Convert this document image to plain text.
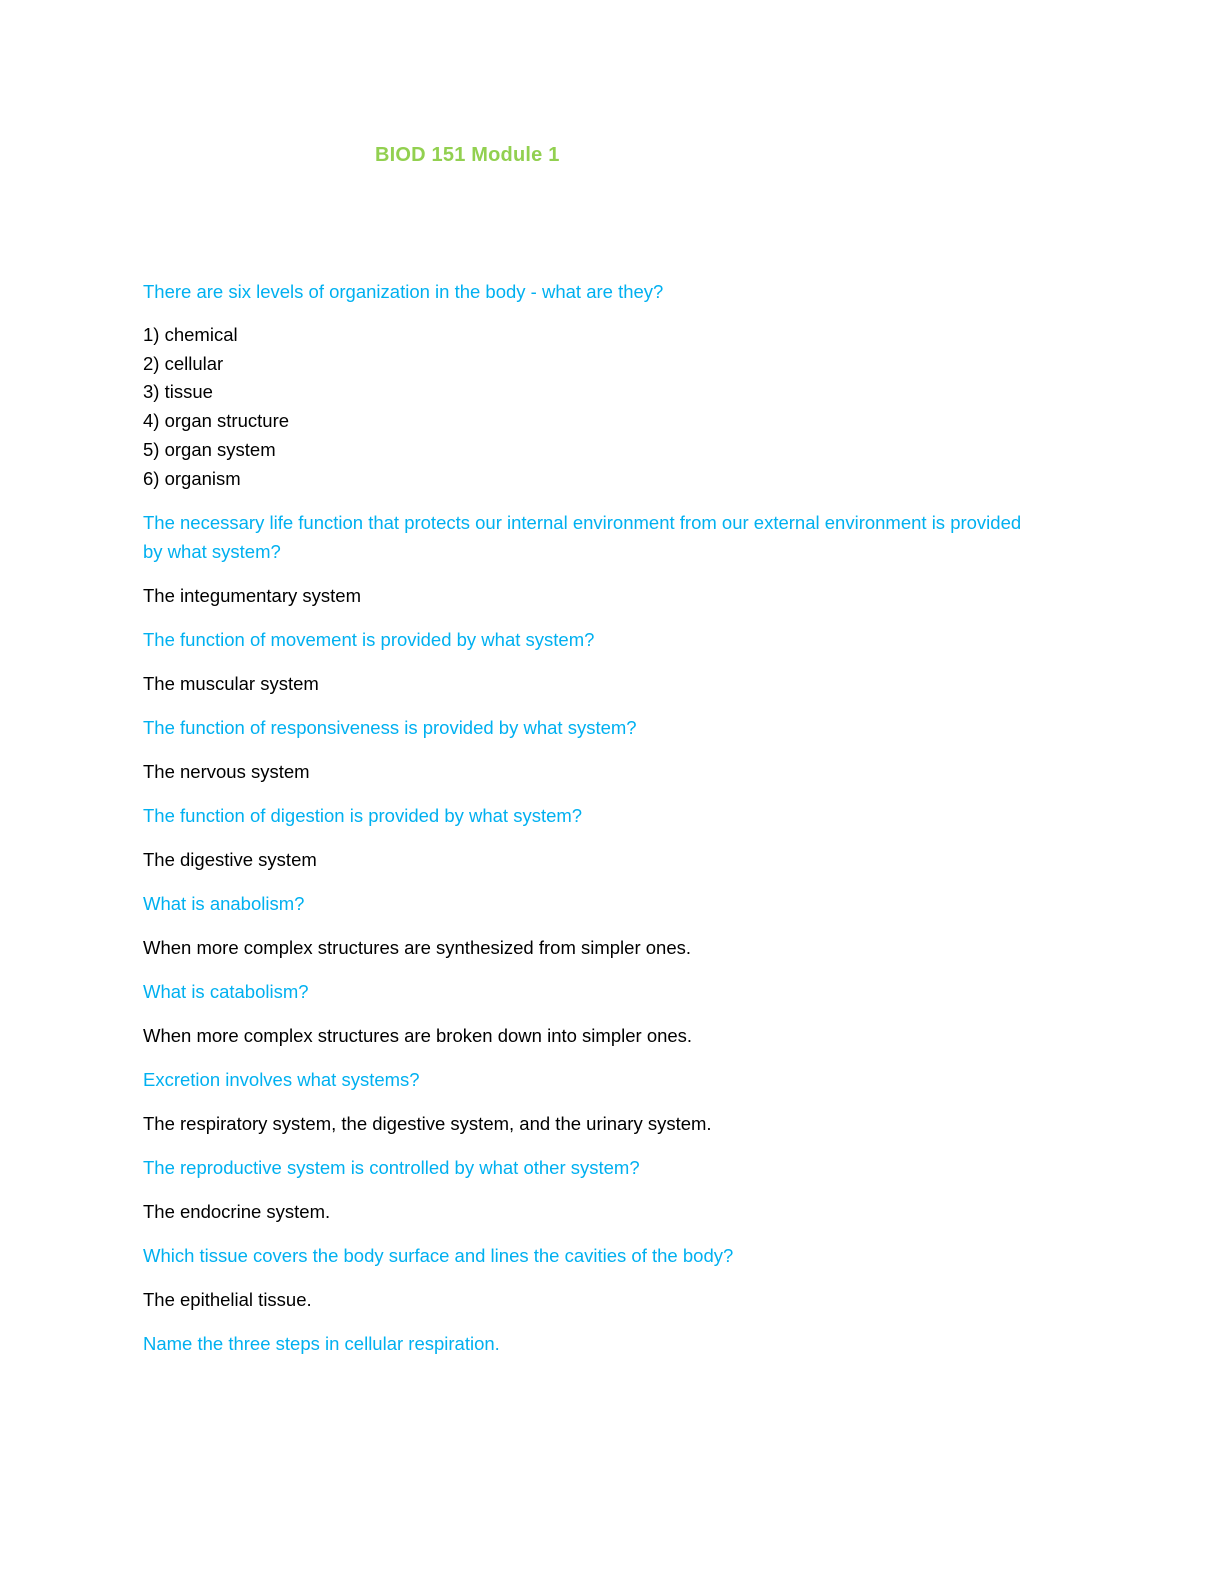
BIOD 151 Module 1

There are six levels of organization in the body - what are they?

1) chemical
2) cellular
3) tissue
4) organ structure
5) organ system
6) organism

The necessary life function that protects our internal environment from our external environment is provided by what system?

The integumentary system

The function of movement is provided by what system?

The muscular system

The function of responsiveness is provided by what system?

The nervous system

The function of digestion is provided by what system?

The digestive system

What is anabolism?

When more complex structures are synthesized from simpler ones.

What is catabolism?

When more complex structures are broken down into simpler ones.

Excretion involves what systems?

The respiratory system, the digestive system, and the urinary system.

The reproductive system is controlled by what other system?

The endocrine system.

Which tissue covers the body surface and lines the cavities of the body?

The epithelial tissue.

Name the three steps in cellular respiration.
